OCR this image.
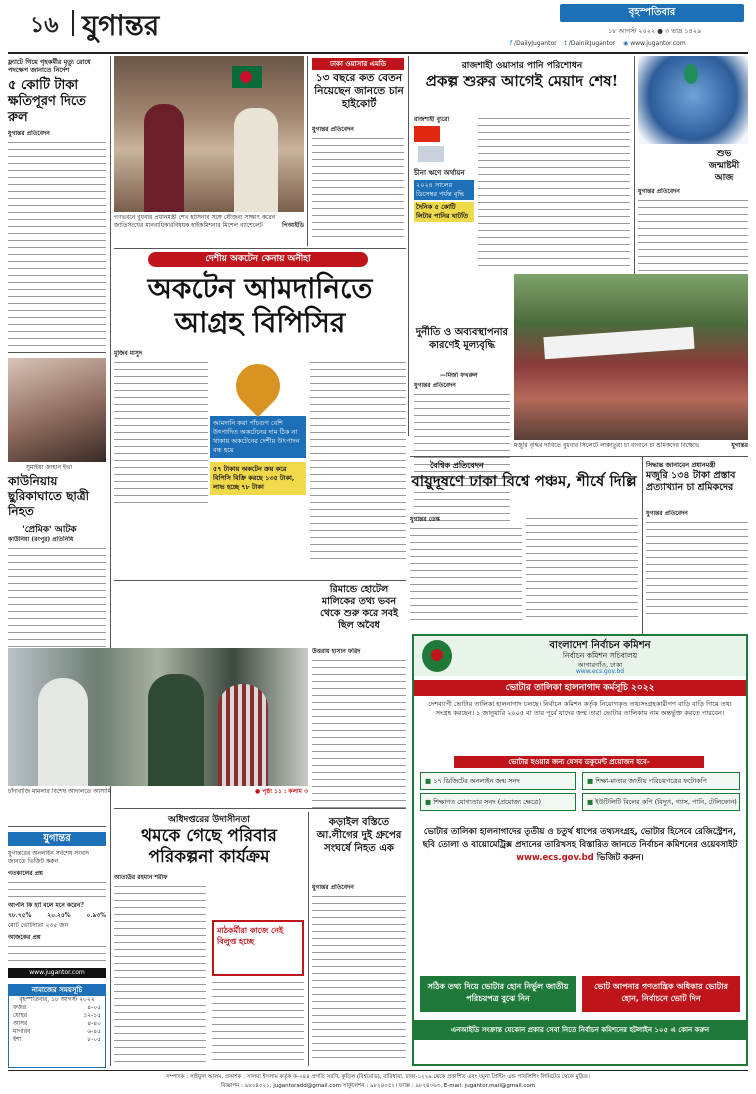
১৬ যুগান্তর	বৃহস্পতিবার
১৮ আগস্ট ২০২২ ● ৩ ভাদ্র ১৪২৯
f /DailyJugantor t /DainikJugantor ◉ www.jugantor.com
ফ্ল্যাটে গিয়ে গৃহকর্মীর মৃত্যু রোধে পদক্ষেপ জানাতে নির্দেশ
৫ কোটি টাকা ক্ষতিপূরণ দিতে রুল
যুগান্তর প্রতিবেদন
সুমাইয়া জাহান ইভা
কাউনিয়ায় ছুরিকাঘাতে ছাত্রী নিহত
'প্রেমিক' আটক
কাউনিয়া (রংপুর) প্রতিনিধি
যুগান্তর
যুগান্তরের অনলাইন সর্বশেষ সংবাদ জানতে ভিজিট করুন
গতকালের প্রশ্ন
আপনি কি হ্যাঁ বলে মনে করেন?
৭৮.৭৫%	২০.২৫%	০.৯৩%
মোট ভোটদাতা ২৩৫ জন
আজকের প্রশ্ন
www.jugantor.com
নামাজের সময়সূচি
বৃহস্পতিবার, ১৮ আগস্ট ২০২২
ফজর	৪-০৫
যোহর	১২-১৫
আসর	৪-৪০
মাগরিব	৬-৪৫
ইশা	৮-০৫
গণভবনে বুধবার প্রধানমন্ত্রী শেখ হাসিনার সঙ্গে সৌজন্য সাক্ষাৎ করেন জাতিসংঘের মানবাধিকারবিষয়ক হাইকমিশনার মিশেল ব্যাশেলেট	পিআইডি
ঢাকা ওয়াসার এমডি
১৩ বছরে কত বেতন নিয়েছেন জানতে চান হাইকোর্ট
যুগান্তর প্রতিবেদন
রাজশাহী ওয়াসার পানি পরিশোধন
প্রকল্প শুরুর আগেই মেয়াদ শেষ!
রাজশাহী ব্যুরো

চীনা ঋণে অর্থায়ন
২০২৪ সালের ডিসেম্বর পর্যন্ত বৃদ্ধি
দৈনিক ৫ কোটি লিটার পানির ঘাটতি
শুভ জন্মাষ্টমী আজ
যুগান্তর প্রতিবেদন
দেশীয় অকটেন কেনায় অনীহা
অকটেন আমদানিতে আগ্রহ বিপিসির
মুজিব মাসুদ
আমদানি করা পাঁচগুণ বেশি উৎপাদিত অকটেনের দাম ঠিক না থাকায় অকটেনের দেশীয় উৎপাদন বন্ধ হয়ে
৫৭ টাকায় অকটেন ক্রয় করে বিপিসি বিক্রি করছে ১৩৫ টাকা, লাভ হচ্ছে ৭৮ টাকা
দুর্নীতি ও অব্যবস্থাপনার কারণেই মূল্যবৃদ্ধি
—মির্জা ফখরুল
যুগান্তর প্রতিবেদন
মজুরি বৃদ্ধির দাবিতে বুধবার সিলেটে লাক্কাতুরা চা বাগানে চা শ্রমিকদের বিক্ষোভ	যুগান্তর
বৈশ্বিক প্রতিবেদন
বায়ুদূষণে ঢাকা বিশ্বে পঞ্চম, শীর্ষে দিল্লি
যুগান্তর ডেস্ক
সিদ্ধান্ত জানাবেন প্রধানমন্ত্রী
মজুরি ১৩৪ টাকা প্রস্তাব প্রত্যাখ্যান চা শ্রমিকদের
যুগান্তর প্রতিবেদন
রিমান্ডে হোটেল মালিকের তথ্য ভবন থেকে শুরু করে সবই ছিল অবৈধ
উত্তরায় হাসান ফরিদ
চাঁদাবাজি মামলার বিশেষ আদালতে আসামি	● পৃষ্ঠা ১১ : কলাম ৩
অধিদপ্তরের উদাসীনতা
থমকে গেছে পরিবার পরিকল্পনা কার্যক্রম
আতাউর রহমান শরীফ
মাঠকর্মীরা কাজে নেই বিলুপ্ত হচ্ছে
কড়াইল বস্তিতে আ.লীগের দুই গ্রুপের সংঘর্ষে নিহত এক
যুগান্তর প্রতিবেদন
বাংলাদেশ নির্বাচন কমিশন
নির্বাচন কমিশন সচিবালয়
আগারগাঁও, ঢাকা
www.ecs.gov.bd
ভোটার তালিকা হালনাগাদ কর্মসূচি ২০২২
দেশব্যাপী ভোটার তালিকা হালনাগাদ চলছে। নির্বাচন কমিশন কর্তৃক নিয়োগকৃত তথ্যসংগ্রহকারীগণ বাড়ি বাড়ি গিয়ে তথ্য সংগ্রহ করছেন। ১ জানুয়ারি ২০০৫ বা তার পূর্বে যাদের জন্ম তারা ভোটার তালিকায় নাম অন্তর্ভুক্ত করতে পারবেন।
ভোটার হওয়ার জন্য যেসব ডকুমেন্ট প্রয়োজন হবে-
■ ১৭ ডিজিটের অনলাইন জন্ম সনদ	■ শিক্ষা-মাতার জাতীয় পরিচয়পত্রের ফটোকপি
■ শিক্ষাগত যোগ্যতার সনদ (প্রযোজ্য ক্ষেত্রে)	■ ইউটিলিটি বিলের কপি (বিদ্যুৎ, গ্যাস, পানি, টেলিফোন)
ভোটার তালিকা হালনাগাদের তৃতীয় ও চতুর্থ ধাপের তথ্যসংগ্রহ, ভোটার হিসেবে রেজিস্ট্রেশন, ছবি তোলা ও বায়োমেট্রিক্স প্রদানের তারিখসহ বিস্তারিত জানতে নির্বাচন কমিশনের ওয়েবসাইট www.ecs.gov.bd ভিজিট করুন।
সঠিক তথ্য দিয়ে ভোটার হোন নির্ভুল জাতীয় পরিচয়পত্র বুঝে নিন
ভোট আপনার গণতান্ত্রিক অধিকার ভোটার হোন, নির্বাচনে ভোট দিন
এনআইডি সংক্রান্ত যেকোন প্রকার সেবা নিতে নির্বাচন কমিশনের হটলাইন ১০৫ এ কোন করুন
সম্পাদক : সাইফুল আলম, প্রকাশক : সালমা ইসলাম কর্তৃক ক-২৪৪ প্রগতি সরণি, কুড়িল (বিশ্বরোড), বারিধারা, ঢাকা-১২২৯ থেকে প্রকাশিত এবং যমুনা প্রিন্টিং এন্ড পাবলিশিং লিমিটেড থেকে মুদ্রিত।
বিজ্ঞাপন : ৯৮২৪০২১, jugantoradd@gmail.com সার্কুলেশন : ৯৮২৪০৫২। ফ্যাক্স : ৯৮২৪০৬৩, E-mail: jugantor.mail@gmail.com
